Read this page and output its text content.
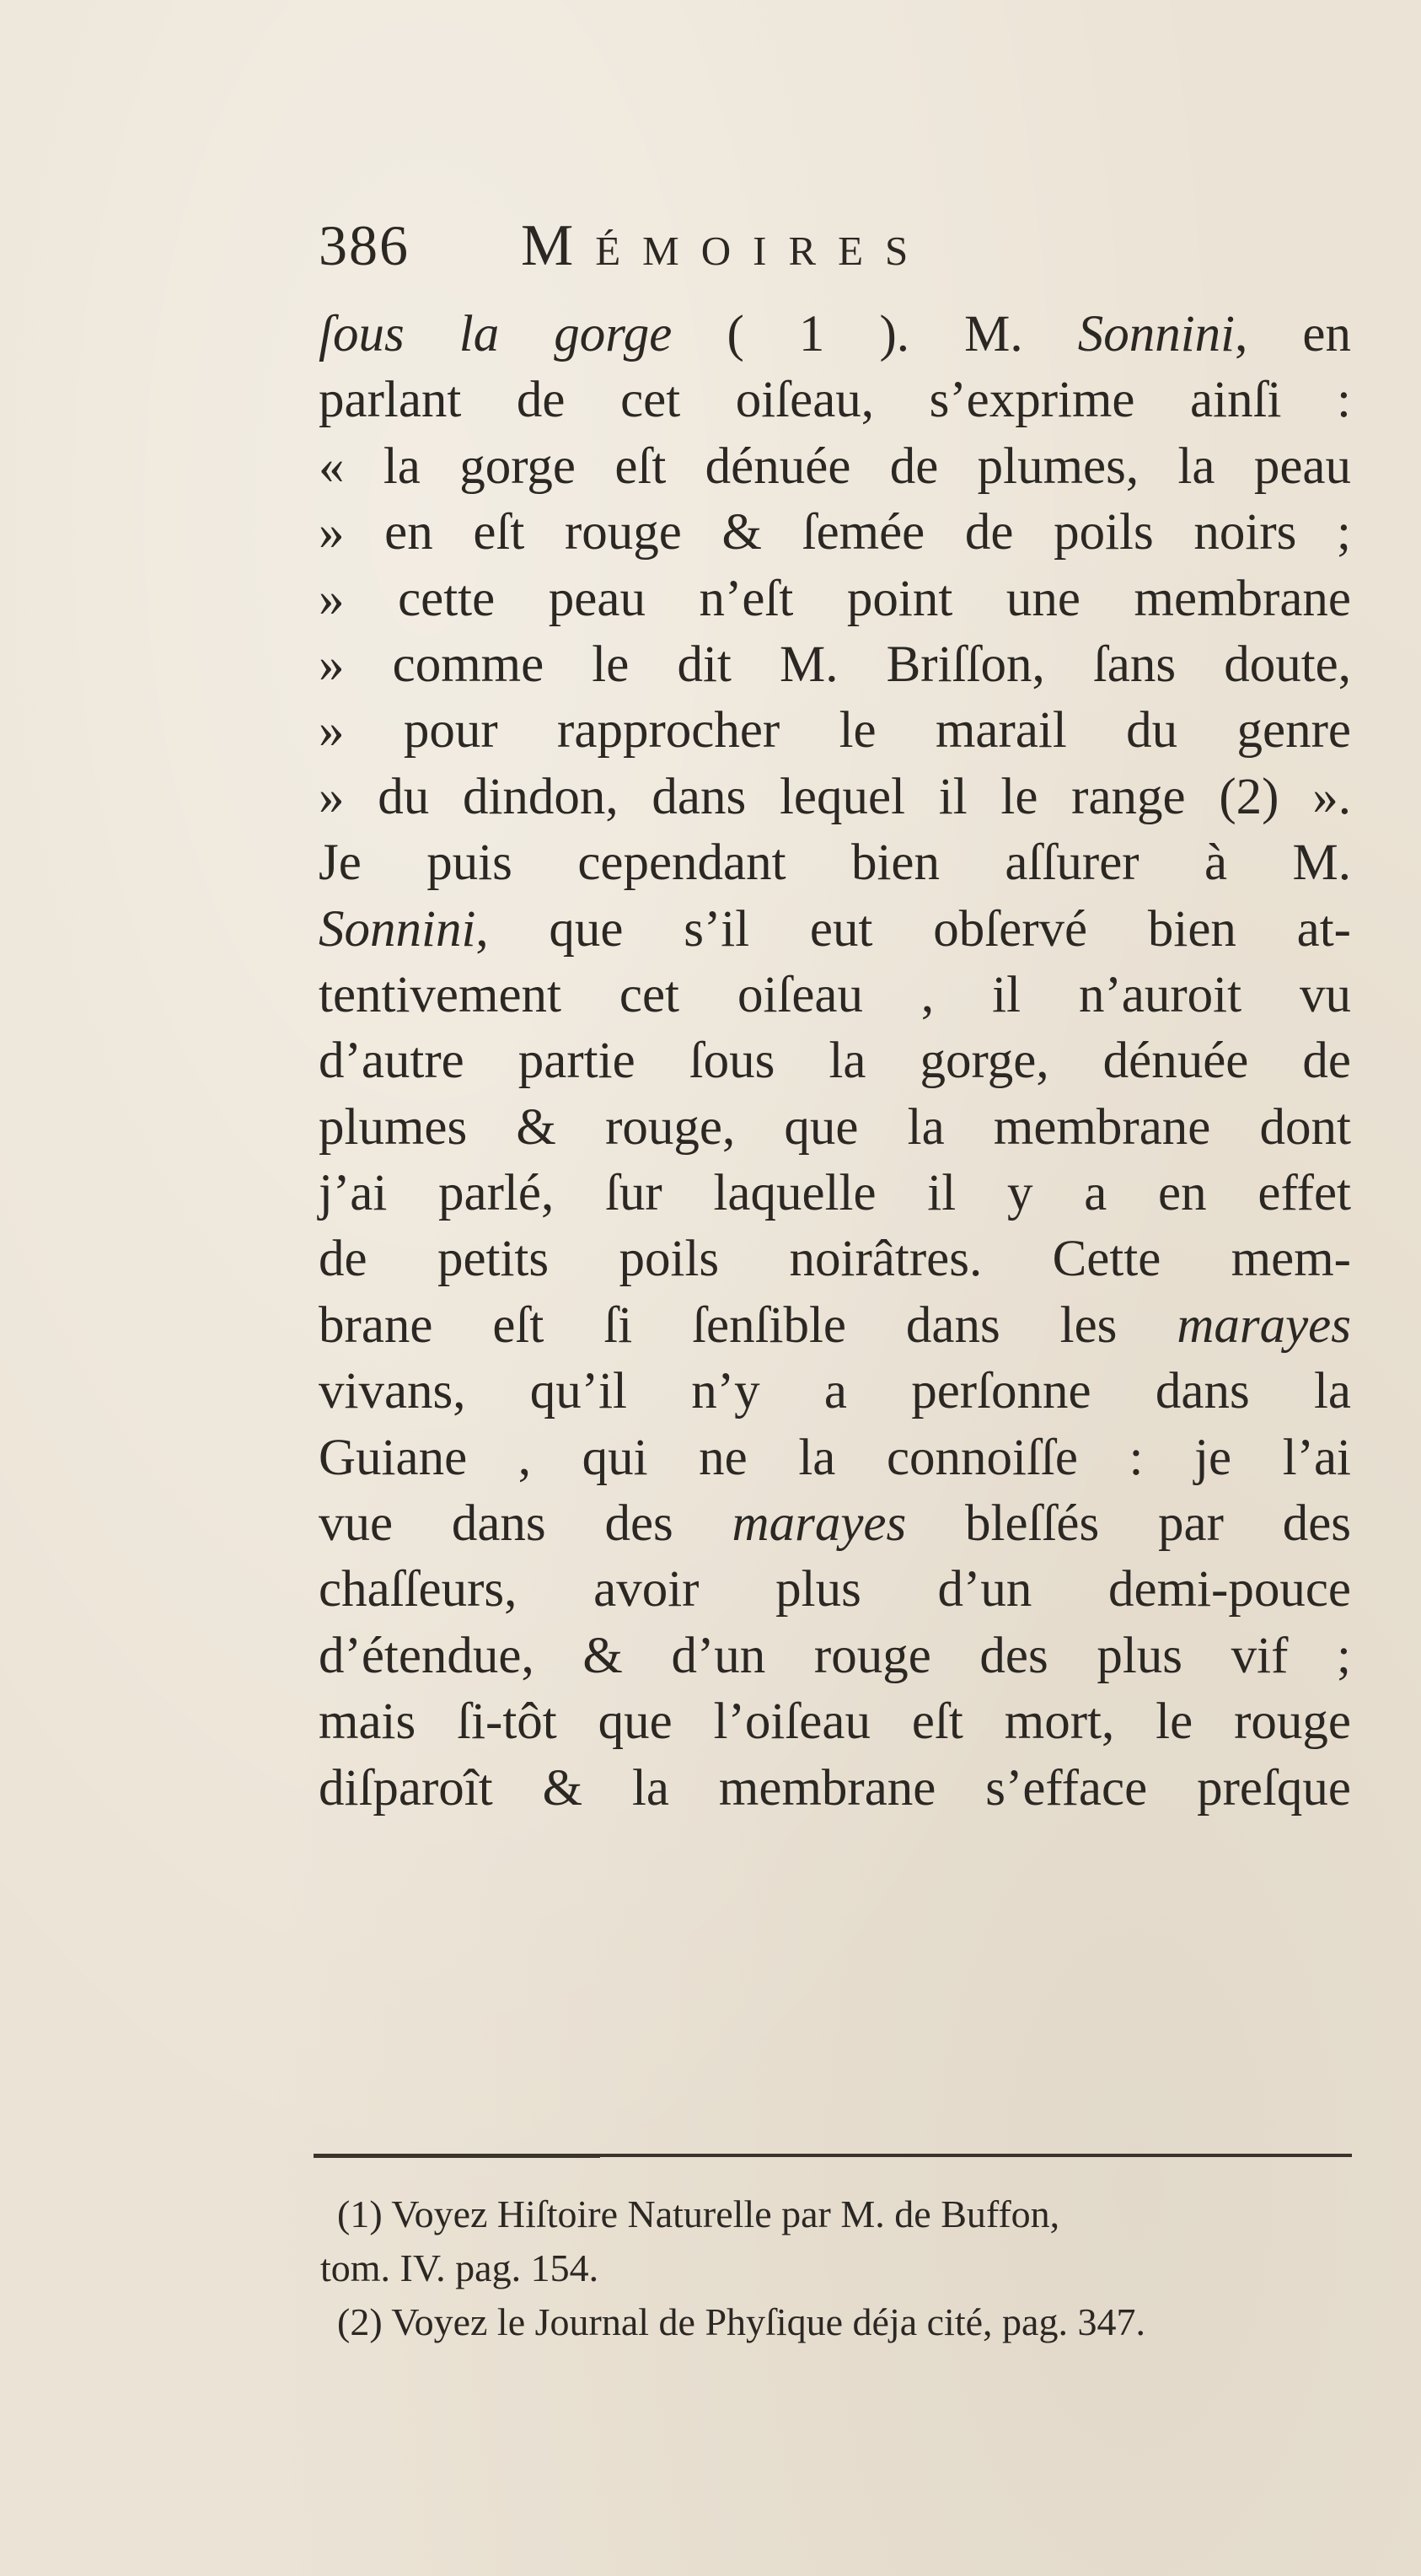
386	Mémoires
ſous la gorge ( 1 ). M. Sonnini, en
parlant de cet oiſeau, s’exprime ainſi :
« la gorge eſt dénuée de plumes, la peau
» en eſt rouge & ſemée de poils noirs ;
» cette peau n’eſt point une membrane
» comme le dit M. Briſſon, ſans doute,
» pour rapprocher le marail du genre
» du dindon, dans lequel il le range (2) ».
Je puis cependant bien aſſurer à M.
Sonnini, que s’il eut obſervé bien at-
tentivement cet oiſeau , il n’auroit vu
d’autre partie ſous la gorge, dénuée de
plumes & rouge, que la membrane dont
j’ai parlé, ſur laquelle il y a en effet
de petits poils noirâtres. Cette mem-
brane eſt ſi ſenſible dans les marayes
vivans, qu’il n’y a perſonne dans la
Guiane , qui ne la connoiſſe : je l’ai
vue dans des marayes bleſſés par des
chaſſeurs, avoir plus d’un demi-pouce
d’étendue, & d’un rouge des plus vif ;
mais ſi-tôt que l’oiſeau eſt mort, le rouge
diſparoît & la membrane s’efface preſque
(1) Voyez Hiſtoire Naturelle par M. de Buffon,
tom. IV. pag. 154.
(2) Voyez le Journal de Phyſique déja cité, pag. 347.
